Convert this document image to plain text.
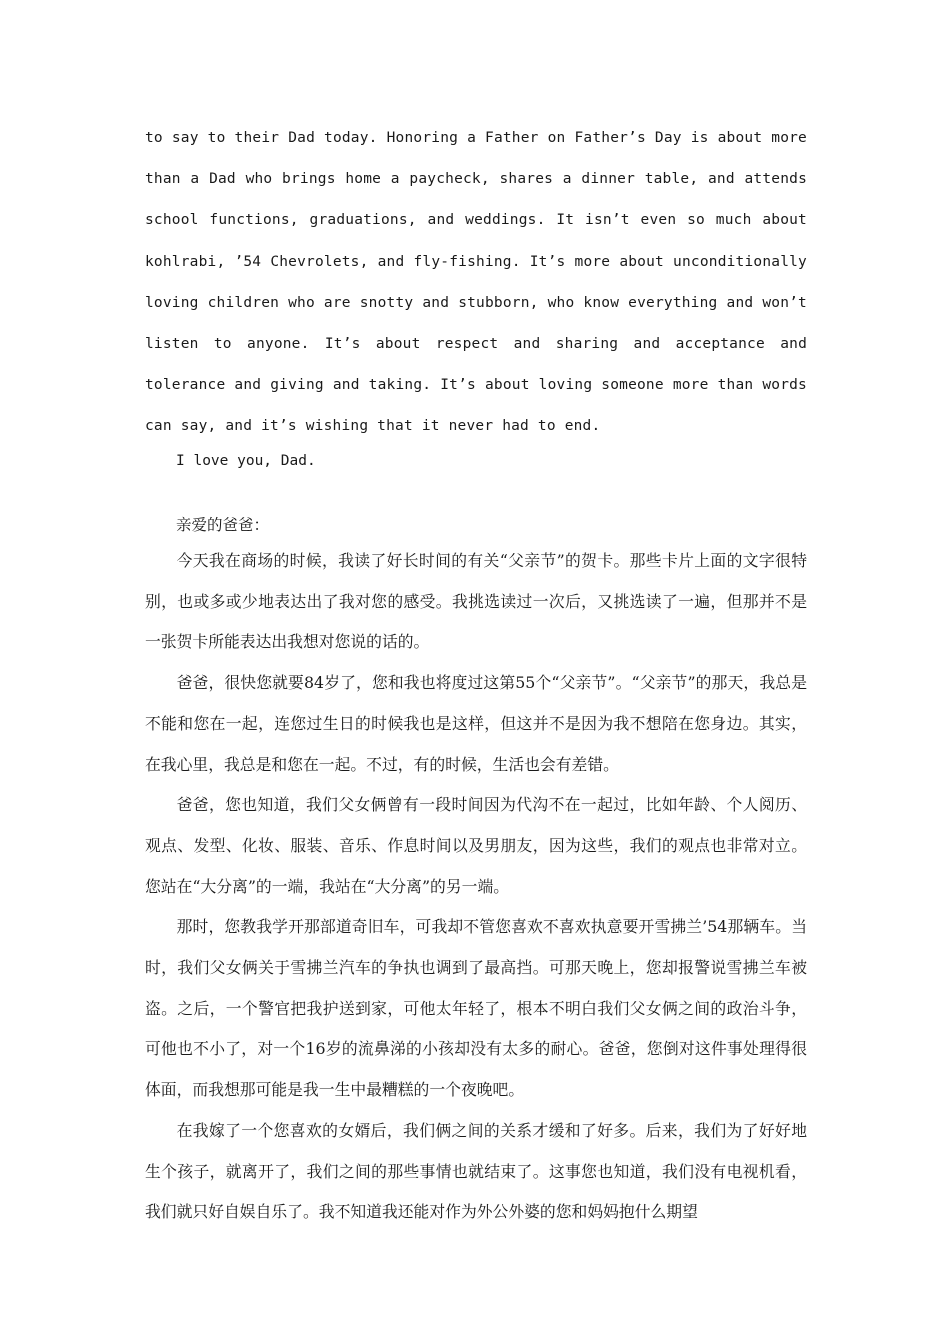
to say to their Dad today. Honoring a Father on Father’s Day is about more than a Dad who brings home a paycheck, shares a dinner table, and attends school functions, graduations, and weddings. It isn’t even so much about kohlrabi, ’54 Chevrolets, and fly-fishing. It’s more about unconditionally loving children who are snotty and stubborn, who know everything and won’t listen to anyone. It’s about respect and sharing and acceptance and tolerance and giving and taking. It’s about loving someone more than words can say, and it’s wishing that it never had to end.
I love you, Dad.
亲爱的爸爸：

今天我在商场的时候，我读了好长时间的有关“父亲节”的贺卡。那些卡片上面的文字很特别，也或多或少地表达出了我对您的感受。我挑选读过一次后，又挑选读了一遍，但那并不是一张贺卡所能表达出我想对您说的话的。

爸爸，很快您就要84岁了，您和我也将度过这第55个“父亲节”。“父亲节”的那天，我总是不能和您在一起，连您过生日的时候我也是这样，但这并不是因为我不想陪在您身边。其实，在我心里，我总是和您在一起。不过，有的时候，生活也会有差错。

爸爸，您也知道，我们父女俩曾有一段时间因为代沟不在一起过，比如年龄、个人阅历、观点、发型、化妆、服装、音乐、作息时间以及男朋友，因为这些，我们的观点也非常对立。您站在“大分离”的一端，我站在“大分离”的另一端。

那时，您教我学开那部道奇旧车，可我却不管您喜欢不喜欢执意要开雪拂兰’54那辆车。当时，我们父女俩关于雪拂兰汽车的争执也调到了最高挡。可那天晚上，您却报警说雪拂兰车被盗。之后，一个警官把我护送到家，可他太年轻了，根本不明白我们父女俩之间的政治斗争，可他也不小了，对一个16岁的流鼻涕的小孩却没有太多的耐心。爸爸，您倒对这件事处理得很体面，而我想那可能是我一生中最糟糕的一个夜晚吧。

在我嫁了一个您喜欢的女婿后，我们俩之间的关系才缓和了好多。后来，我们为了好好地生个孩子，就离开了，我们之间的那些事情也就结束了。这事您也知道，我们没有电视机看，我们就只好自娱自乐了。我不知道我还能对作为外公外婆的您和妈妈抱什么期望
